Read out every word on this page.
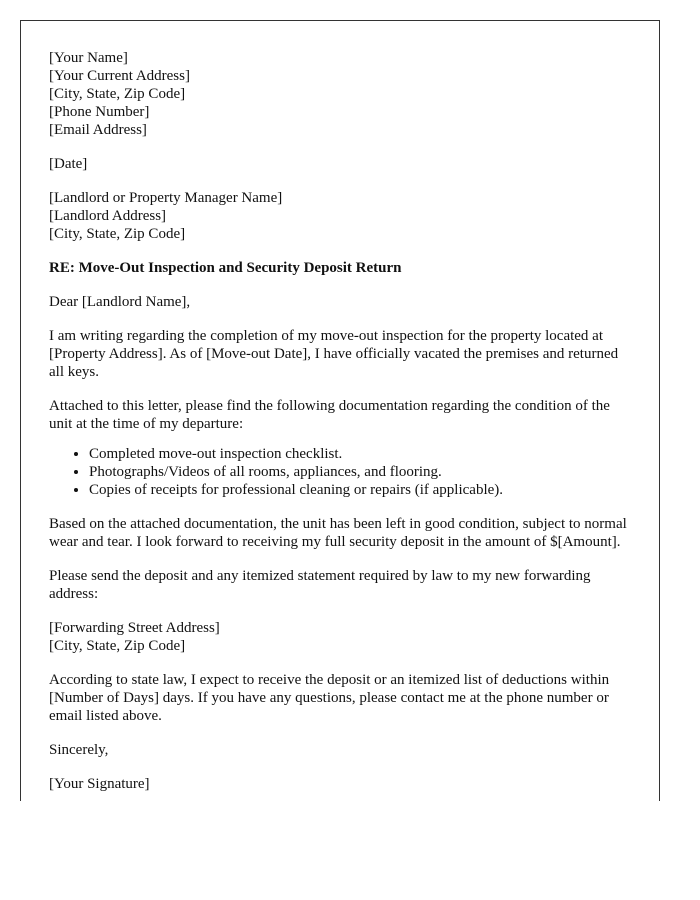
[Your Name]
[Your Current Address]
[City, State, Zip Code]
[Phone Number]
[Email Address]

[Date]

[Landlord or Property Manager Name]
[Landlord Address]
[City, State, Zip Code]

RE: Move-Out Inspection and Security Deposit Return

Dear [Landlord Name],

I am writing regarding the completion of my move-out inspection for the property located at [Property Address]. As of [Move-out Date], I have officially vacated the premises and returned all keys.

Attached to this letter, please find the following documentation regarding the condition of the unit at the time of my departure:

• Completed move-out inspection checklist.
• Photographs/Videos of all rooms, appliances, and flooring.
• Copies of receipts for professional cleaning or repairs (if applicable).

Based on the attached documentation, the unit has been left in good condition, subject to normal wear and tear. I look forward to receiving my full security deposit in the amount of $[Amount].

Please send the deposit and any itemized statement required by law to my new forwarding address:

[Forwarding Street Address]
[City, State, Zip Code]

According to state law, I expect to receive the deposit or an itemized list of deductions within [Number of Days] days. If you have any questions, please contact me at the phone number or email listed above.

Sincerely,

[Your Signature]
